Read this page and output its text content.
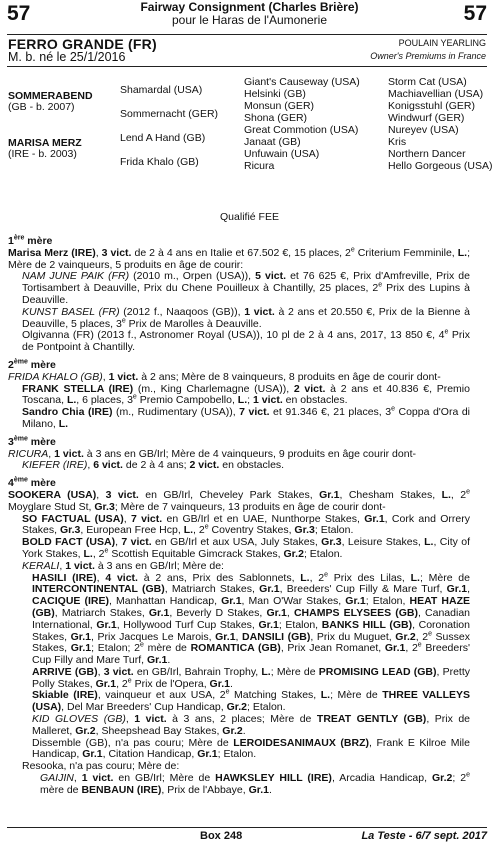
57	57
Fairway Consignment (Charles Brière)
pour le Haras de l'Aumonerie
FERRO GRANDE (FR)
M. b. né le 25/1/2016
POULAIN YEARLING
Owner's Premiums in France
SOMMERABEND
(GB - b. 2007)
MARISA MERZ
(IRE - b. 2003)
Shamardal (USA)
Sommernacht (GER)
Lend A Hand (GB)
Frida Khalo (GB)
Giant's Causeway (USA)
Helsinki (GB)
Monsun (GER)
Shona (GER)
Great Commotion (USA)
Janaat (GB)
Unfuwain (USA)
Ricura
Storm Cat (USA)
Machiavellian (USA)
Konigsstuhl (GER)
Windwurf (GER)
Nureyev (USA)
Kris
Northern Dancer
Hello Gorgeous (USA)
Qualifié FEE
1ère mère
Marisa Merz (IRE), 3 vict. de 2 à 4 ans en Italie et 67.502 €, 15 places, 2e Criterium Femminile, L.; Mère de 2 vainqueurs, 5 produits en âge de courir:
NAM JUNE PAIK (FR) (2010 m., Orpen (USA)), 5 vict. et 76 625 €, Prix d'Amfreville, Prix de Tortisambert à Deauville, Prix du Chene Pouilleux à Chantilly, 25 places, 2e Prix des Lupins à Deauville.
KUNST BASEL (FR) (2012 f., Naaqoos (GB)), 1 vict. à 2 ans et 20.550 €, Prix de la Bienne à Deauville, 5 places, 3e Prix de Marolles à Deauville.
Olgivanna (FR) (2013 f., Astronomer Royal (USA)), 10 pl de 2 à 4 ans, 2017, 13 850 €, 4e Prix de Pontpoint à Chantilly.
2ème mère
FRIDA KHALO (GB), 1 vict. à 2 ans; Mère de 8 vainqueurs, 8 produits en âge de courir dont-
FRANK STELLA (IRE) (m., King Charlemagne (USA)), 2 vict. à 2 ans et 40.836 €, Premio Toscana, L., 6 places, 3e Premio Campobello, L.; 1 vict. en obstacles.
Sandro Chia (IRE) (m., Rudimentary (USA)), 7 vict. et 91.346 €, 21 places, 3e Coppa d'Ora di Milano, L.
3ème mère
RICURA, 1 vict. à 3 ans en GB/Irl; Mère de 4 vainqueurs, 9 produits en âge courir dont-
KIEFER (IRE), 6 vict. de 2 à 4 ans; 2 vict. en obstacles.
4ème mère
SOOKERA (USA), 3 vict. en GB/Irl, Cheveley Park Stakes, Gr.1, Chesham Stakes, L., 2e Moyglare Stud St, Gr.3; Mère de 7 vainqueurs, 13 produits en âge de courir dont-
SO FACTUAL (USA), 7 vict. en GB/Irl et en UAE, Nunthorpe Stakes, Gr.1, Cork and Orrery Stakes, Gr.3, European Free Hcp, L., 2e Coventry Stakes, Gr.3; Etalon.
BOLD FACT (USA), 7 vict. en GB/Irl et aux USA, July Stakes, Gr.3, Leisure Stakes, L., City of York Stakes, L., 2e Scottish Equitable Gimcrack Stakes, Gr.2; Etalon.
KERALI, 1 vict. à 3 ans en GB/Irl; Mère de:
HASILI (IRE), 4 vict. à 2 ans, Prix des Sablonnets, L., 2e Prix des Lilas, L.; Mère de INTERCONTINENTAL (GB), Matriarch Stakes, Gr.1, Breeders' Cup Filly & Mare Turf, Gr.1, CACIQUE (IRE), Manhattan Handicap, Gr.1, Man O'War Stakes, Gr.1; Etalon, HEAT HAZE (GB), Matriarch Stakes, Gr.1, Beverly D Stakes, Gr.1, CHAMPS ELYSEES (GB), Canadian International, Gr.1, Hollywood Turf Cup Stakes, Gr.1; Etalon, BANKS HILL (GB), Coronation Stakes, Gr.1, Prix Jacques Le Marois, Gr.1, DANSILI (GB), Prix du Muguet, Gr.2, 2e Sussex Stakes, Gr.1; Etalon; 2e mère de ROMANTICA (GB), Prix Jean Romanet, Gr.1, 2e Breeders' Cup Filly and Mare Turf, Gr.1.
ARRIVE (GB), 3 vict. en GB/Irl, Bahrain Trophy, L.; Mère de PROMISING LEAD (GB), Pretty Polly Stakes, Gr.1, 2e Prix de l'Opera, Gr.1.
Skiable (IRE), vainqueur et aux USA, 2e Matching Stakes, L.; Mère de THREE VALLEYS (USA), Del Mar Breeders' Cup Handicap, Gr.2; Etalon.
KID GLOVES (GB), 1 vict. à 3 ans, 2 places; Mère de TREAT GENTLY (GB), Prix de Malleret, Gr.2, Sheepshead Bay Stakes, Gr.2.
Dissemble (GB), n'a pas couru; Mère de LEROIDESANIMAUX (BRZ), Frank E Kilroe Mile Handicap, Gr.1, Citation Handicap, Gr.1; Etalon.
Resooka, n'a pas couru; Mère de:
GAIJIN, 1 vict. en GB/Irl; Mère de HAWKSLEY HILL (IRE), Arcadia Handicap, Gr.2; 2e mère de BENBAUN (IRE), Prix de l'Abbaye, Gr.1.
Box 248	La Teste - 6/7 sept. 2017
